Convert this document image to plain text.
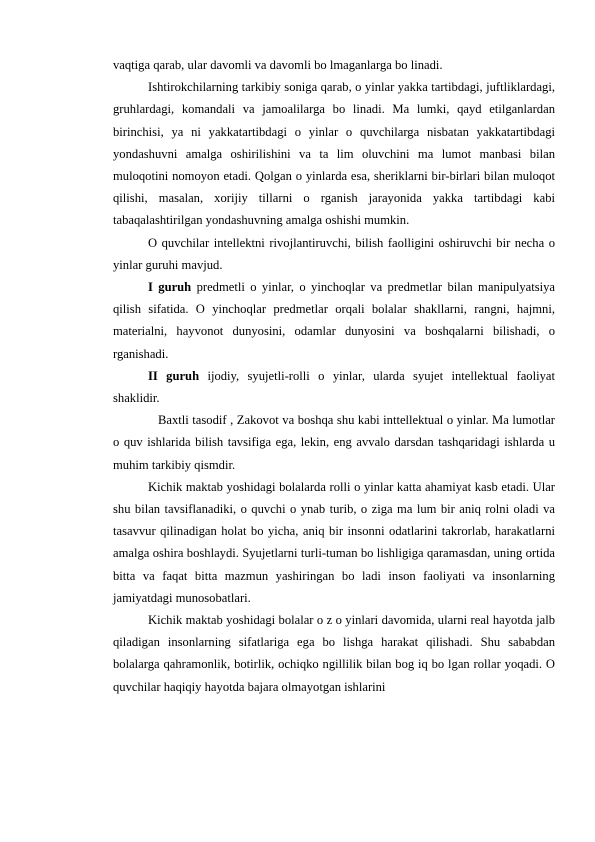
vaqtiga qarab, ular davomli va davomli bo lmaganlarga bo linadi.

Ishtirokchilarning tarkibiy soniga qarab, o yinlar yakka tartibdagi, juftliklardagi, gruhlardagi, komandali va jamoalilarga bo linadi. Ma lumki, qayd etilganlardan birinchisi, ya ni yakkatartibdagi o yinlar o quvchilarga nisbatan yakkatartibdagi yondashuvni amalga oshirilishini va ta lim oluvchini ma lumot manbasi bilan muloqotini nomoyon etadi. Qolgan o yinlarda esa, sheriklarni bir-birlari bilan muloqot qilishi, masalan, xorijiy tillarni o rganish jarayonida yakka tartibdagi kabi tabaqalashtirilgan yondashuvning amalga oshishi mumkin.

O quvchilar intellektni rivojlantiruvchi, bilish faolligini oshiruvchi bir necha o yinlar guruhi mavjud.

I guruh predmetli o yinlar, o yinchoqlar va predmetlar bilan manipulyatsiya qilish sifatida. O yinchoqlar predmetlar orqali bolalar shakllarni, rangni, hajmni, materialni, hayvonot dunyosini, odamlar dunyosini va boshqalarni bilishadi, o rganishadi.

II guruh ijodiy, syujetli-rolli o yinlar, ularda syujet intellektual faoliyat shaklidir.

Baxtli tasodif , Zakovot va boshqa shu kabi inttellektual o yinlar. Ma lumotlar o quv ishlarida bilish tavsifiga ega, lekin, eng avvalo darsdan tashqaridagi ishlarda u muhim tarkibiy qismdir.

Kichik maktab yoshidagi bolalarda rolli o yinlar katta ahamiyat kasb etadi. Ular shu bilan tavsiflanadiki, o quvchi o ynab turib, o ziga ma lum bir aniq rolni oladi va tasavvur qilinadigan holat bo yicha, aniq bir insonni odatlarini takrorlab, harakatlarni amalga oshira boshlaydi. Syujetlarni turli-tuman bo lishligiga qaramasdan, uning ortida bitta va faqat bitta mazmun yashiringan bo ladi inson faoliyati va insonlarning jamiyatdagi munosobatlari.

Kichik maktab yoshidagi bolalar o z o yinlari davomida, ularni real hayotda jalb qiladigan insonlarning sifatlariga ega bo lishga harakat qilishadi. Shu sababdan bolalarga qahramonlik, botirlik, ochiqko ngillilik bilan bog iq bo lgan rollar yoqadi. O quvchilar haqiqiy hayotda bajara olmayotgan ishlarini
